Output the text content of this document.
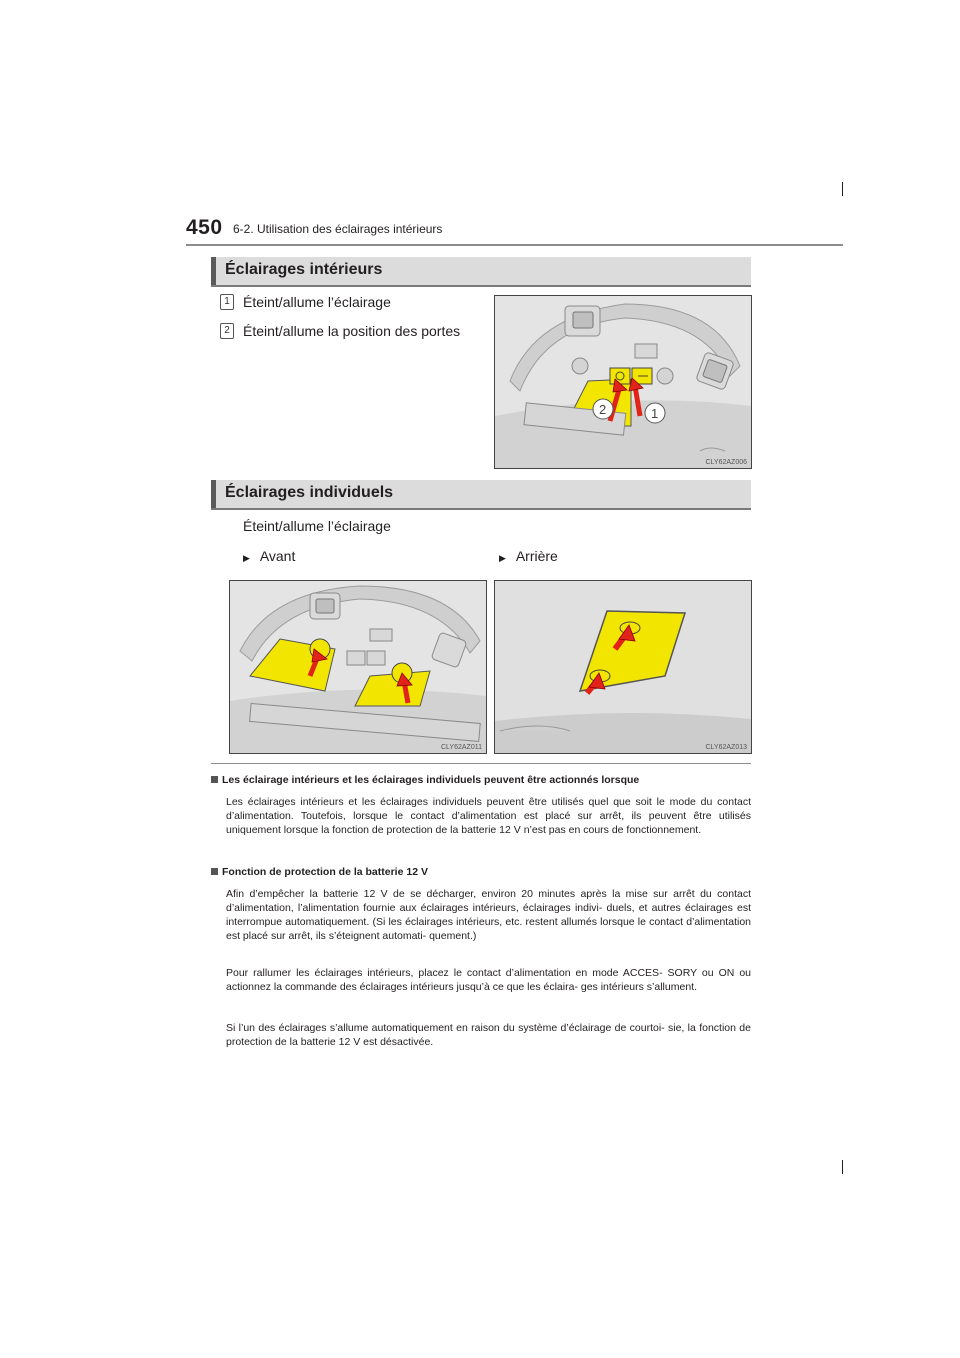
450 6-2. Utilisation des éclairages intérieurs
Éclairages intérieurs
1 Éteint/allume l’éclairage
2 Éteint/allume la position des portes
2	1
CLY62AZ006
Éclairages individuels
Éteint/allume l’éclairage
▶ Avant	▶ Arrière
CLY62AZ011	CLY62AZ013
Les éclairage intérieurs et les éclairages individuels peuvent être actionnés lorsque
Les éclairages intérieurs et les éclairages individuels peuvent être utilisés quel que soit le mode du contact d’alimentation. Toutefois, lorsque le contact d’alimentation est placé sur arrêt, ils peuvent être utilisés uniquement lorsque la fonction de protection de la batterie 12 V n’est pas en cours de fonctionnement.
Fonction de protection de la batterie 12 V
Afin d’empêcher la batterie 12 V de se décharger, environ 20 minutes après la mise sur arrêt du contact d’alimentation, l’alimentation fournie aux éclairages intérieurs, éclairages indivi- duels, et autres éclairages est interrompue automatiquement. (Si les éclairages intérieurs, etc. restent allumés lorsque le contact d’alimentation est placé sur arrêt, ils s’éteignent automati- quement.)
Pour rallumer les éclairages intérieurs, placez le contact d’alimentation en mode ACCES- SORY ou ON ou actionnez la commande des éclairages intérieurs jusqu’à ce que les éclaira- ges intérieurs s’allument.
Si l’un des éclairages s’allume automatiquement en raison du système d’éclairage de courtoi- sie, la fonction de protection de la batterie 12 V est désactivée.
